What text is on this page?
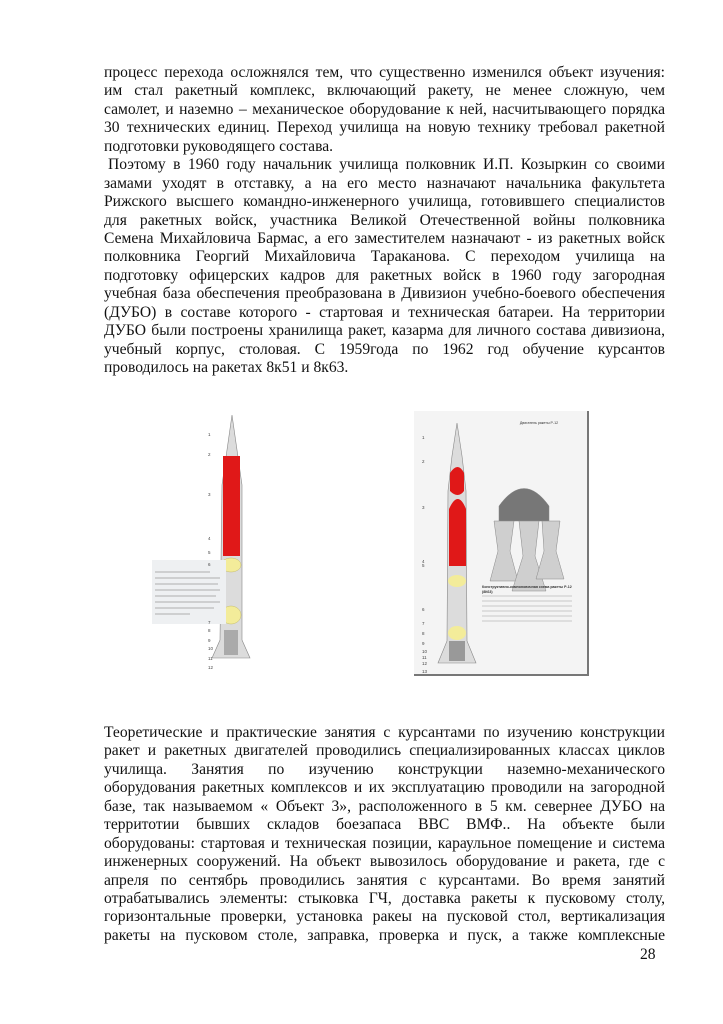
процесс перехода осложнялся тем, что существенно изменился объект изучения:
им стал ракетный комплекс, включающий ракету, не менее сложную, чем
самолет, и наземно – механическое оборудование к ней, насчитывающего порядка
30 технических единиц. Переход училища на новую технику требовал ракетной
подготовки руководящего состава.
Поэтому в 1960 году начальник училища полковник И.П. Козыркин со своими
замами уходят в отставку, а на его место назначают начальника факультета
Рижского высшего командно-инженерного училища, готовившего специалистов
для ракетных войск, участника Великой Отечественной войны полковника
Семена Михайловича Бармас, а его заместителем назначают - из ракетных войск
полковника Георгий Михайловича Тараканова. С переходом училища на
подготовку офицерских кадров для ракетных войск в 1960 году загородная
учебная база обеспечения преобразована в Дивизион учебно-боевого обеспечения
(ДУБО) в составе которого - стартовая и техническая батареи. На территории
ДУБО были построены хранилища ракет, казарма для личного состава дивизиона,
учебный корпус, столовая. С 1959года по 1962 год обучение курсантов
проводилось на ракетах 8к51 и 8к63.
1
2
3
4
5
6
7
8
9
10
11
12
Двигатель ракеты Р-12
Конструктивно-компоновочная схема ракеты Р-12 (8К63)
1
2
3
4
5
6
7
8
9
10
11
12
13
Теоретические и практические занятия с курсантами по изучению конструкции
ракет и ракетных двигателей проводились специализированных классах циклов
училища. Занятия по изучению конструкции наземно-механического
оборудования ракетных комплексов и их эксплуатацию проводили на загородной
базе, так называемом « Объект 3», расположенного в 5 км. севернее ДУБО на
территотии бывших складов боезапаса ВВС ВМФ.. На объекте были
оборудованы: стартовая и техническая позиции, караульное помещение и система
инженерных сооружений. На объект вывозилось оборудование и ракета, где с
апреля по сентябрь проводились занятия с курсантами. Во время занятий
отрабатывались элементы: стыковка ГЧ, доставка ракеты к пусковому столу,
горизонтальные проверки, установка ракеы на пусковой стол, вертикализация
ракеты на пусковом столе, заправка, проверка и пуск, а также комплексные
28
